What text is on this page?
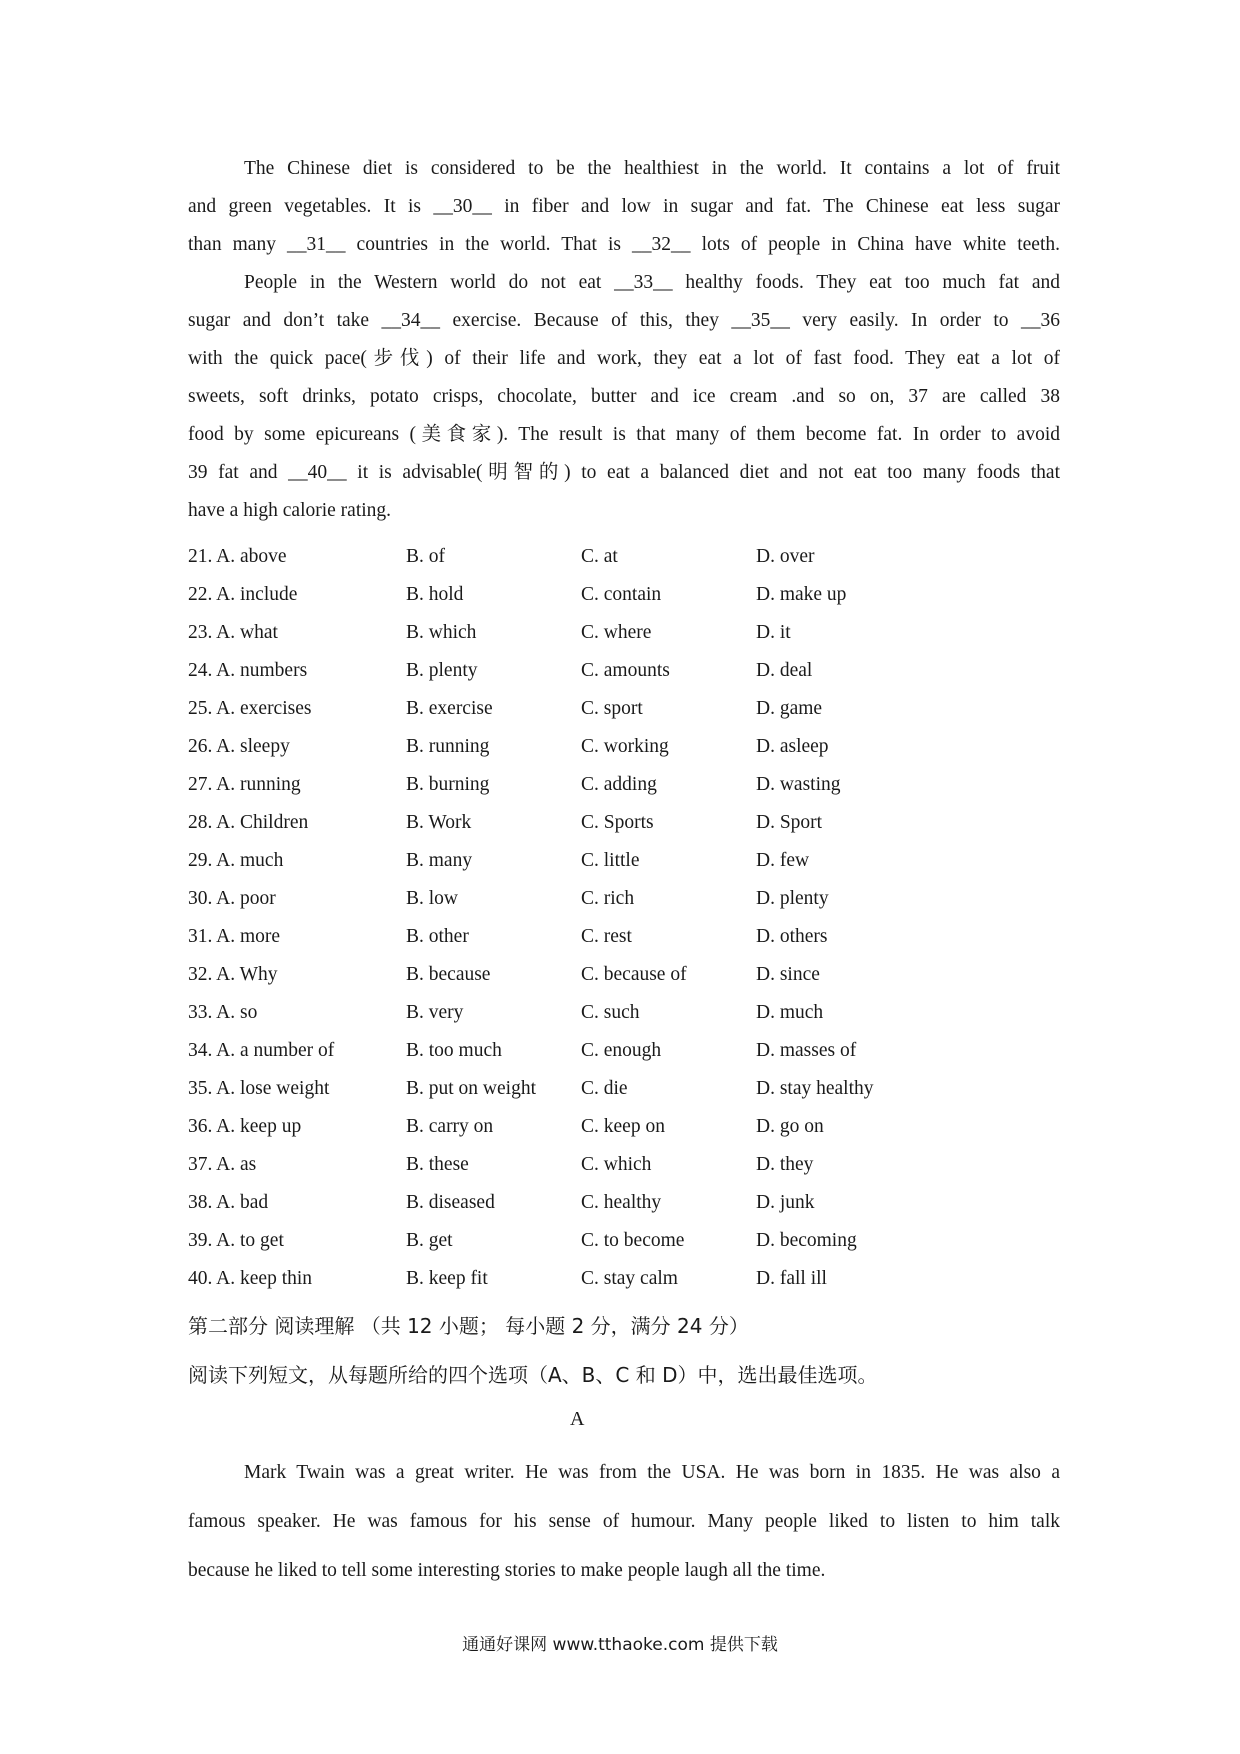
The Chinese diet is considered to be the healthiest in the world. It contains a lot of fruit
and green vegetables. It is __30__ in fiber and low in sugar and fat. The Chinese eat less sugar
than many __31__ countries in the world. That is __32__ lots of people in China have white teeth.
People in the Western world do not eat __33__ healthy foods. They eat too much fat and
sugar and don’t take __34__ exercise. Because of this, they __35__ very easily. In order to __36
with the quick pace(步伐) of their life and work, they eat a lot of fast food. They eat a lot of
sweets, soft drinks, potato crisps, chocolate, butter and ice cream .and so on, 37 are called 38
food by some epicureans (美食家). The result is that many of them become fat. In order to avoid
39 fat and __40__ it is advisable(明智的) to eat a balanced diet and not eat too many foods that
have a high calorie rating.
21. A. above	B. of	C. at	D. over
22. A. include	B. hold	C. contain	D. make up
23. A. what	B. which	C. where	D. it
24. A. numbers	B. plenty	C. amounts	D. deal
25. A. exercises	B. exercise	C. sport	D. game
26. A. sleepy	B. running	C. working	D. asleep
27. A. running	B. burning	C. adding	D. wasting
28. A. Children	B. Work	C. Sports	D. Sport
29. A. much	B. many	C. little	D. few
30. A. poor	B. low	C. rich	D. plenty
31. A. more	B. other	C. rest	D. others
32. A. Why	B. because	C. because of	D. since
33. A. so	B. very	C. such	D. much
34. A. a number of	B. too much	C. enough	D. masses of
35. A. lose weight	B. put on weight C. die	D. stay healthy
36. A. keep up	B. carry on	C. keep on	D. go on
37. A. as	B. these	C. which	D. they
38. A. bad	B. diseased	C. healthy	D. junk
39. A. to get	B. get	C. to become	D. becoming
40. A. keep thin	B. keep fit	C. stay calm	D. fall ill
第二部分 阅读理解 （共 12 小题； 每小题 2 分，满分 24 分）
阅读下列短文，从每题所给的四个选项（A、B、C 和 D）中，选出最佳选项。
A
Mark Twain was a great writer. He was from the USA. He was born in 1835. He was also a
famous speaker. He was famous for his sense of humour. Many people liked to listen to him talk
because he liked to tell some interesting stories to make people laugh all the time.
通通好课网 www.tthaoke.com 提供下载
